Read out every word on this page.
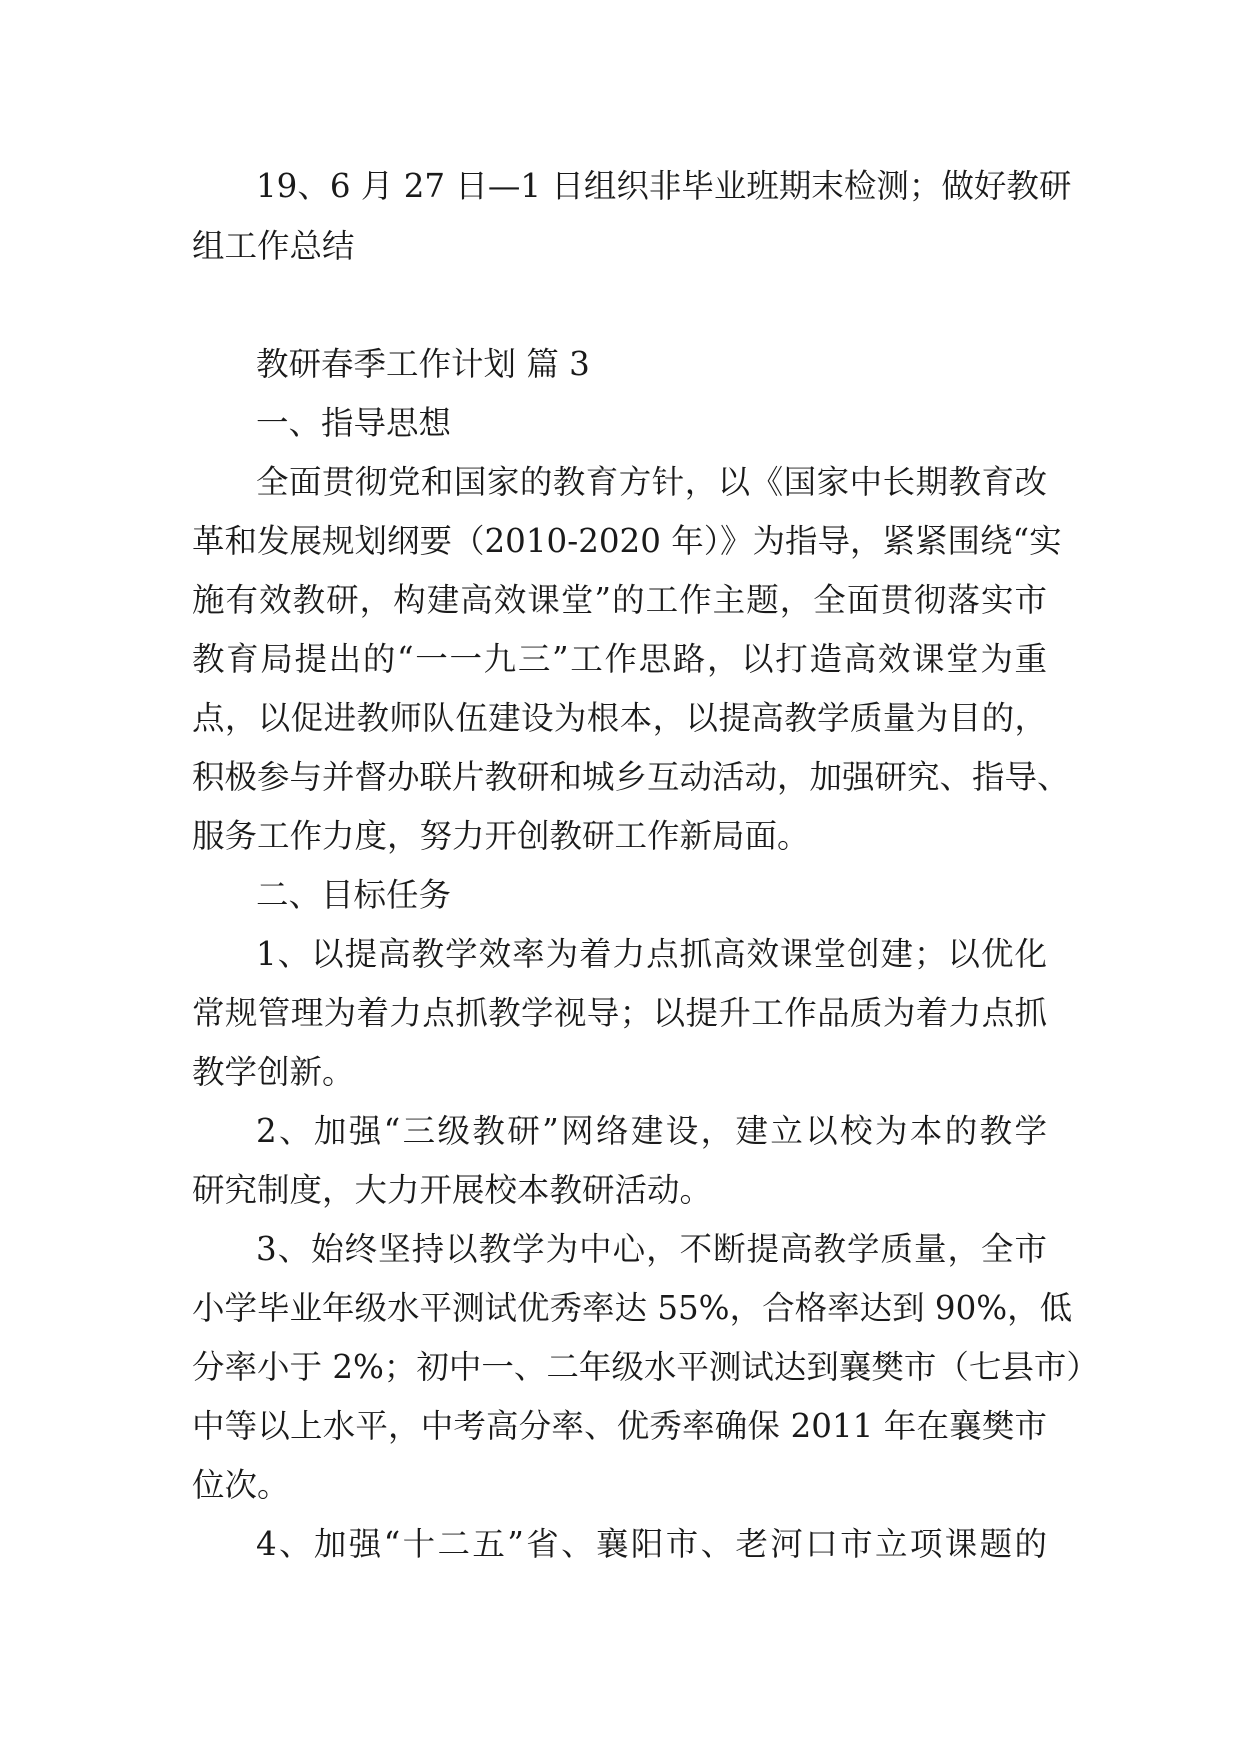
19、6 月 27 日—1 日组织非毕业班期末检测；做好教研
组工作总结
教研春季工作计划 篇 3
一、指导思想
全面贯彻党和国家的教育方针，以《国家中长期教育改
革和发展规划纲要（2010-2020 年）》为指导，紧紧围绕“实
施有效教研，构建高效课堂”的工作主题，全面贯彻落实市
教育局提出的“一一九三”工作思路，以打造高效课堂为重
点，以促进教师队伍建设为根本，以提高教学质量为目的，
积极参与并督办联片教研和城乡互动活动，加强研究、指导、
服务工作力度，努力开创教研工作新局面。
二、目标任务
1、以提高教学效率为着力点抓高效课堂创建；以优化
常规管理为着力点抓教学视导；以提升工作品质为着力点抓
教学创新。
2、加强“三级教研”网络建设，建立以校为本的教学
研究制度，大力开展校本教研活动。
3、始终坚持以教学为中心，不断提高教学质量，全市
小学毕业年级水平测试优秀率达 55%，合格率达到 90%，低
分率小于 2%；初中一、二年级水平测试达到襄樊市（七县市）
中等以上水平，中考高分率、优秀率确保 2011 年在襄樊市
位次。
4、加强“十二五”省、襄阳市、老河口市立项课题的
